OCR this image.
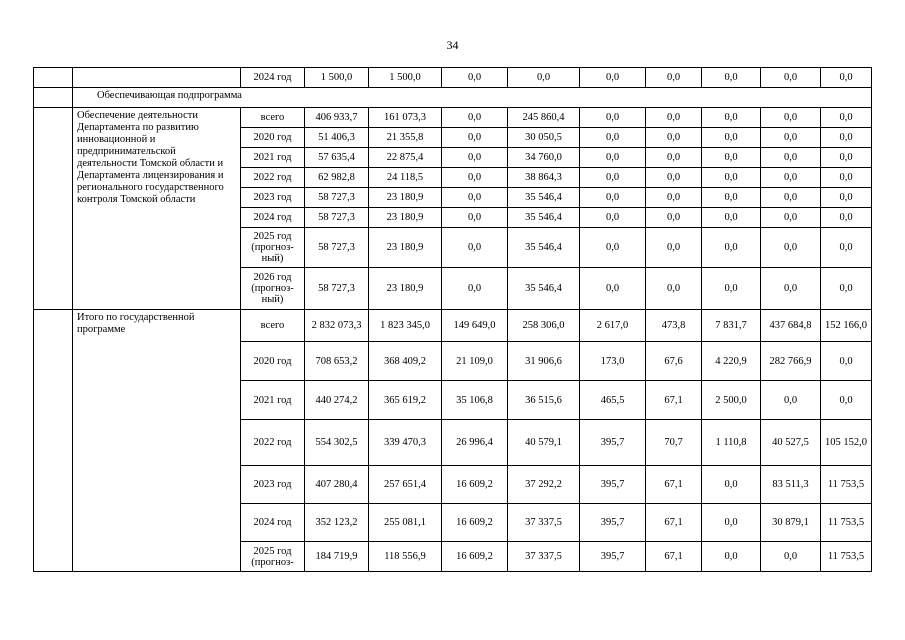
34
		2024 год	1 500,0	1 500,0	0,0	0,0	0,0	0,0	0,0	0,0	0,0
	Обеспечивающая подпрограмма										
	Обеспечение деятельности Департамента по развитию инновационной и предпринимательской деятельности Томской области и Департамента лицензирования и регионального государственного контроля Томской области	всего	406 933,7	161 073,3	0,0	245 860,4	0,0	0,0	0,0	0,0	0,0
		2020 год	51 406,3	21 355,8	0,0	30 050,5	0,0	0,0	0,0	0,0	0,0
		2021 год	57 635,4	22 875,4	0,0	34 760,0	0,0	0,0	0,0	0,0	0,0
		2022 год	62 982,8	24 118,5	0,0	38 864,3	0,0	0,0	0,0	0,0	0,0
		2023 год	58 727,3	23 180,9	0,0	35 546,4	0,0	0,0	0,0	0,0	0,0
		2024 год	58 727,3	23 180,9	0,0	35 546,4	0,0	0,0	0,0	0,0	0,0
		2025 год (прогноз-ный)	58 727,3	23 180,9	0,0	35 546,4	0,0	0,0	0,0	0,0	0,0
		2026 год (прогноз-ный)	58 727,3	23 180,9	0,0	35 546,4	0,0	0,0	0,0	0,0	0,0
	Итого по государственной программе	всего	2 832 073,3	1 823 345,0	149 649,0	258 306,0	2 617,0	473,8	7 831,7	437 684,8	152 166,0
		2020 год	708 653,2	368 409,2	21 109,0	31 906,6	173,0	67,6	4 220,9	282 766,9	0,0
		2021 год	440 274,2	365 619,2	35 106,8	36 515,6	465,5	67,1	2 500,0	0,0	0,0
		2022 год	554 302,5	339 470,3	26 996,4	40 579,1	395,7	70,7	1 110,8	40 527,5	105 152,0
		2023 год	407 280,4	257 651,4	16 609,2	37 292,2	395,7	67,1	0,0	83 511,3	11 753,5
		2024 год	352 123,2	255 081,1	16 609,2	37 337,5	395,7	67,1	0,0	30 879,1	11 753,5
		2025 год (прогноз-	184 719,9	118 556,9	16 609,2	37 337,5	395,7	67,1	0,0	0,0	11 753,5
